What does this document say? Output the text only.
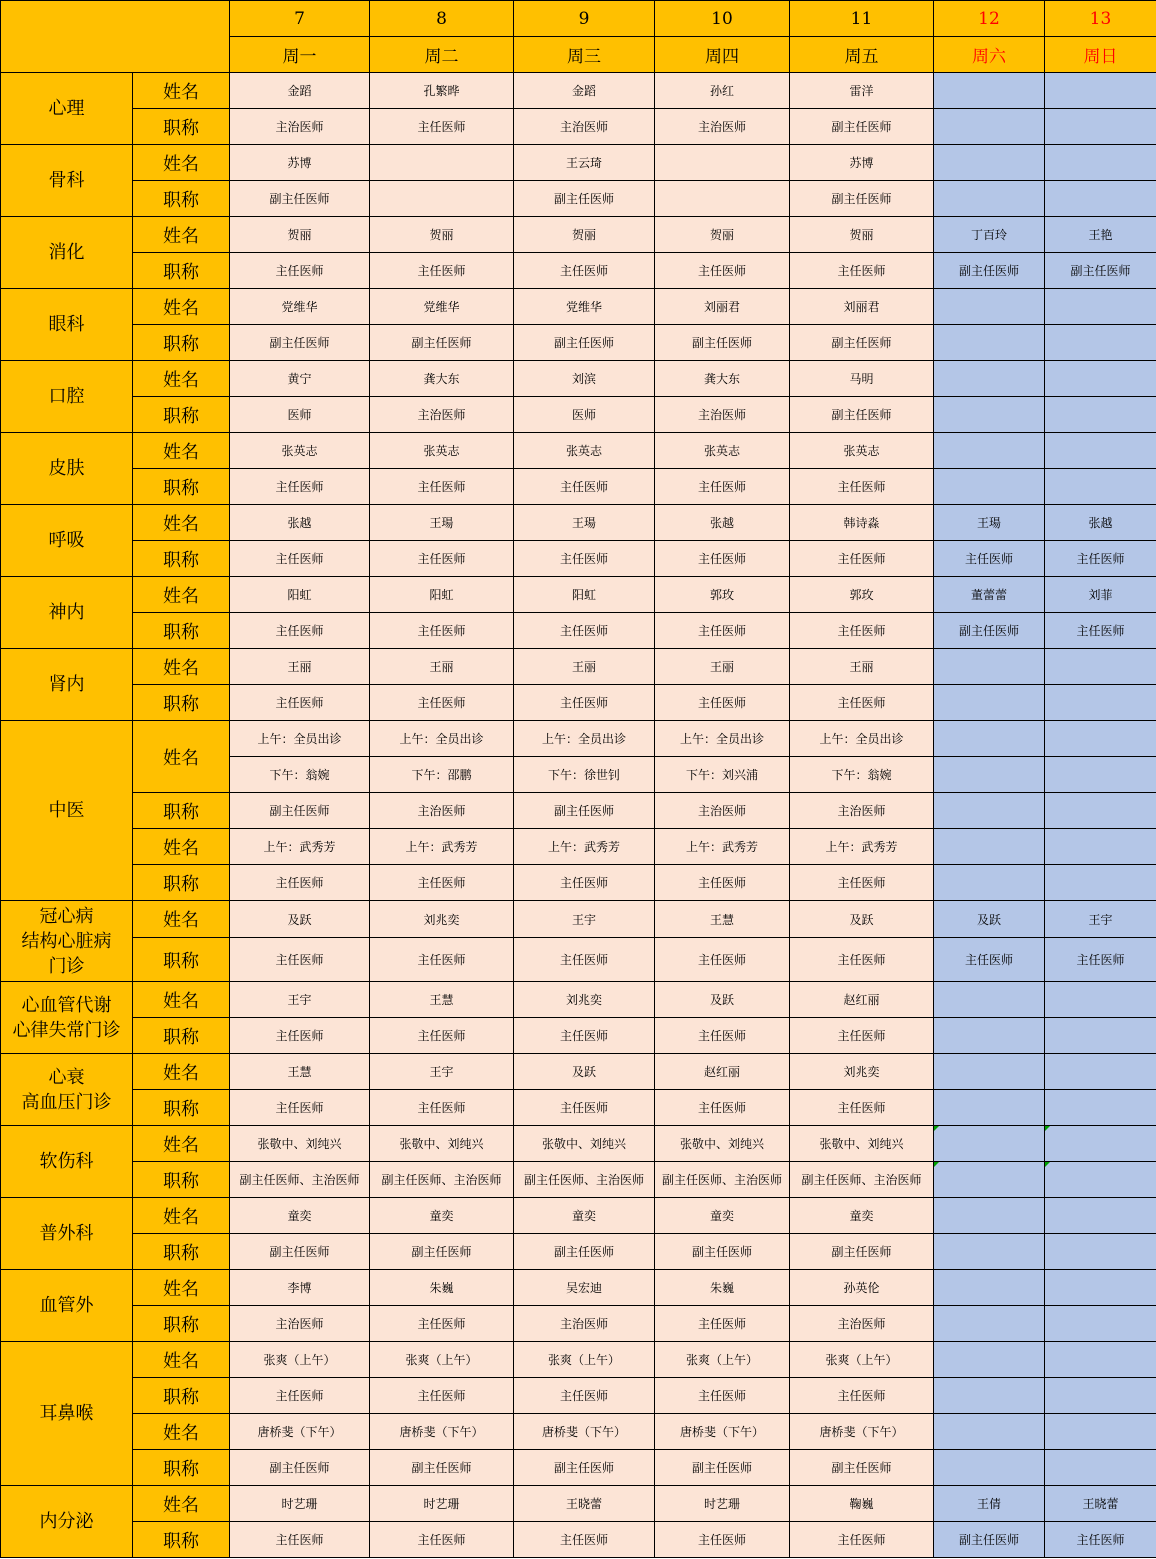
		7	8	9	10	11	12	13
		周一	周二	周三	周四	周五	周六	周日

心理	姓名	金蹈	孔繁晔	金蹈	孙红	雷洋		
	职称	主治医师	主任医师	主治医师	主治医师	副主任医师		

骨科	姓名	苏博		王云琦		苏博		
	职称	副主任医师		副主任医师		副主任医师		

消化	姓名	贺丽	贺丽	贺丽	贺丽	贺丽	丁百玲	王艳
	职称	主任医师	主任医师	主任医师	主任医师	主任医师	副主任医师	副主任医师

眼科	姓名	党维华	党维华	党维华	刘丽君	刘丽君		
	职称	副主任医师	副主任医师	副主任医师	副主任医师	副主任医师		

口腔	姓名	黄宁	龚大东	刘滨	龚大东	马明		
	职称	医师	主治医师	医师	主治医师	副主任医师		

皮肤	姓名	张英志	张英志	张英志	张英志	张英志		
	职称	主任医师	主任医师	主任医师	主任医师	主任医师		

呼吸	姓名	张越	王瑒	王瑒	张越	韩诗淼	王瑒	张越
	职称	主任医师	主任医师	主任医师	主任医师	主任医师	主任医师	主任医师

神内	姓名	阳虹	阳虹	阳虹	郭玫	郭玫	董蕾蕾	刘菲
	职称	主任医师	主任医师	主任医师	主任医师	主任医师	副主任医师	主任医师

肾内	姓名	王丽	王丽	王丽	王丽	王丽		
	职称	主任医师	主任医师	主任医师	主任医师	主任医师		

中医	姓名	上午：全员出诊	上午：全员出诊	上午：全员出诊	上午：全员出诊	上午：全员出诊		
		下午：翁婉	下午：邵鹏	下午：徐世钊	下午：刘兴浦	下午：翁婉		
	职称	副主任医师	主治医师	副主任医师	主治医师	主治医师		
	姓名	上午：武秀芳	上午：武秀芳	上午：武秀芳	上午：武秀芳	上午：武秀芳		
	职称	主任医师	主任医师	主任医师	主任医师	主任医师		

冠心病
结构心脏病
门诊	姓名	及跃	刘兆奕	王宇	王慧	及跃	及跃	王宇
	职称	主任医师	主任医师	主任医师	主任医师	主任医师	主任医师	主任医师

心血管代谢
心律失常门诊	姓名	王宇	王慧	刘兆奕	及跃	赵红丽		
	职称	主任医师	主任医师	主任医师	主任医师	主任医师		

心衰
高血压门诊	姓名	王慧	王宇	及跃	赵红丽	刘兆奕		
	职称	主任医师	主任医师	主任医师	主任医师	主任医师		

软伤科	姓名	张敬中、刘纯兴	张敬中、刘纯兴	张敬中、刘纯兴	张敬中、刘纯兴	张敬中、刘纯兴		
	职称	副主任医师、主治医师	副主任医师、主治医师	副主任医师、主治医师	副主任医师、主治医师	副主任医师、主治医师		

普外科	姓名	童奕	童奕	童奕	童奕	童奕		
	职称	副主任医师	副主任医师	副主任医师	副主任医师	副主任医师		

血管外	姓名	李博	朱巍	吴宏迪	朱巍	孙英伦		
	职称	主治医师	主任医师	主治医师	主任医师	主治医师		

耳鼻喉	姓名	张爽（上午）	张爽（上午）	张爽（上午）	张爽（上午）	张爽（上午）		
	职称	主任医师	主任医师	主任医师	主任医师	主任医师		
	姓名	唐桥斐（下午）	唐桥斐（下午）	唐桥斐（下午）	唐桥斐（下午）	唐桥斐（下午）		
	职称	副主任医师	副主任医师	副主任医师	副主任医师	副主任医师		

内分泌	姓名	时艺珊	时艺珊	王晓蕾	时艺珊	鞠巍	王倩	王晓蕾
	职称	主任医师	主任医师	主任医师	主任医师	主任医师	副主任医师	主任医师
